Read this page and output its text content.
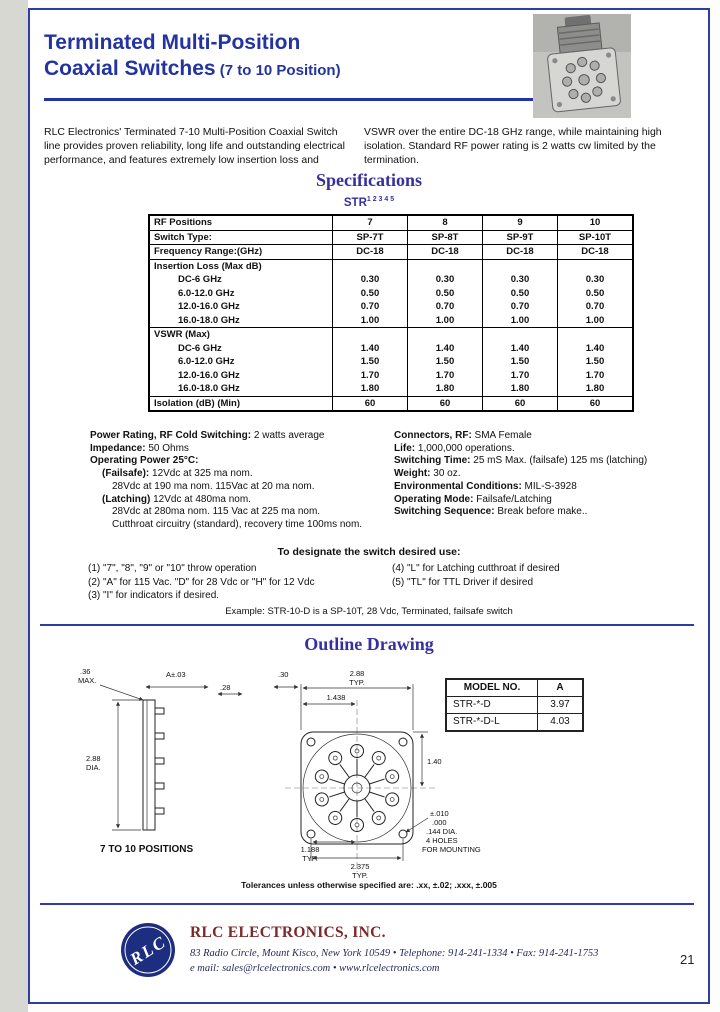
Terminated Multi-Position
Coaxial Switches (7 to 10 Position)
RLC Electronics' Terminated 7-10 Multi-Position Coaxial Switch line provides proven reliability, long life and outstanding electrical performance, and features extremely low insertion loss and
VSWR over the entire DC-18 GHz range, while maintaining high isolation. Standard RF power rating is 2 watts cw limited by the termination.
Specifications
$STR^{1 2 3 4 5}$
RF Positions	7	8	9	10
Switch Type:	SP-7T	SP-8T	SP-9T	SP-10T
Frequency Range:(GHz)	DC-18	DC-18	DC-18	DC-18
Insertion Loss (Max dB)				
DC-6 GHz	0.30	0.30	0.30	0.30
6.0-12.0 GHz	0.50	0.50	0.50	0.50
12.0-16.0 GHz	0.70	0.70	0.70	0.70
16.0-18.0 GHz	1.00	1.00	1.00	1.00
VSWR (Max)				
DC-6 GHz	1.40	1.40	1.40	1.40
6.0-12.0 GHz	1.50	1.50	1.50	1.50
12.0-16.0 GHz	1.70	1.70	1.70	1.70
16.0-18.0 GHz	1.80	1.80	1.80	1.80
Isolation (dB) (Min)	60	60	60	60
Power Rating, RF Cold Switching: 2 watts average
Impedance: 50 Ohms
Operating Power 25°C:
(Failsafe): 12Vdc at 325 ma nom.
28Vdc at 190 ma nom. 115Vac at 20 ma nom.
(Latching) 12Vdc at 480ma nom.
28Vdc at 280ma nom. 115 Vac at 225 ma nom.
Cutthroat circuitry (standard), recovery time 100ms nom.
Connectors, RF: SMA Female
Life: 1,000,000 operations.
Switching Time: 25 mS Max. (failsafe) 125 ms (latching)
Weight: 30 oz.
Environmental Conditions: MIL-S-3928
Operating Mode: Failsafe/Latching
Switching Sequence: Break before make..
To designate the switch desired use:
(1) "7", "8", "9" or "10" throw operation
(2) "A" for 115 Vac. "D" for 28 Vdc or "H" for 12 Vdc
(3) "I" for indicators if desired.
(4) "L" for Latching cutthroat if desired
(5) "TL" for TTL Driver if desired
Example: STR-10-D is a SP-10T, 28 Vdc, Terminated, failsafe switch
Outline Drawing
2.88
DIA.
.36
MAX.
A±.03
.28
.30	2.88
TYP.
1.438
1.40
1.188
TYP.
2.375
TYP.
±.010
.000
.144 DIA.
4 HOLES
FOR MOUNTING
7 TO 10 POSITIONS
MODEL NO.	A
STR-*-D	3.97
STR-*-D-L	4.03
Tolerances unless otherwise specified are: .xx, ±.02; .xxx, ±.005
RLC RLC ELECTRONICS, INC.
83 Radio Circle, Mount Kisco, New York 10549 • Telephone: 914-241-1334 • Fax: 914-241-1753
e mail: sales@rlcelectronics.com • www.rlcelectronics.com
21
